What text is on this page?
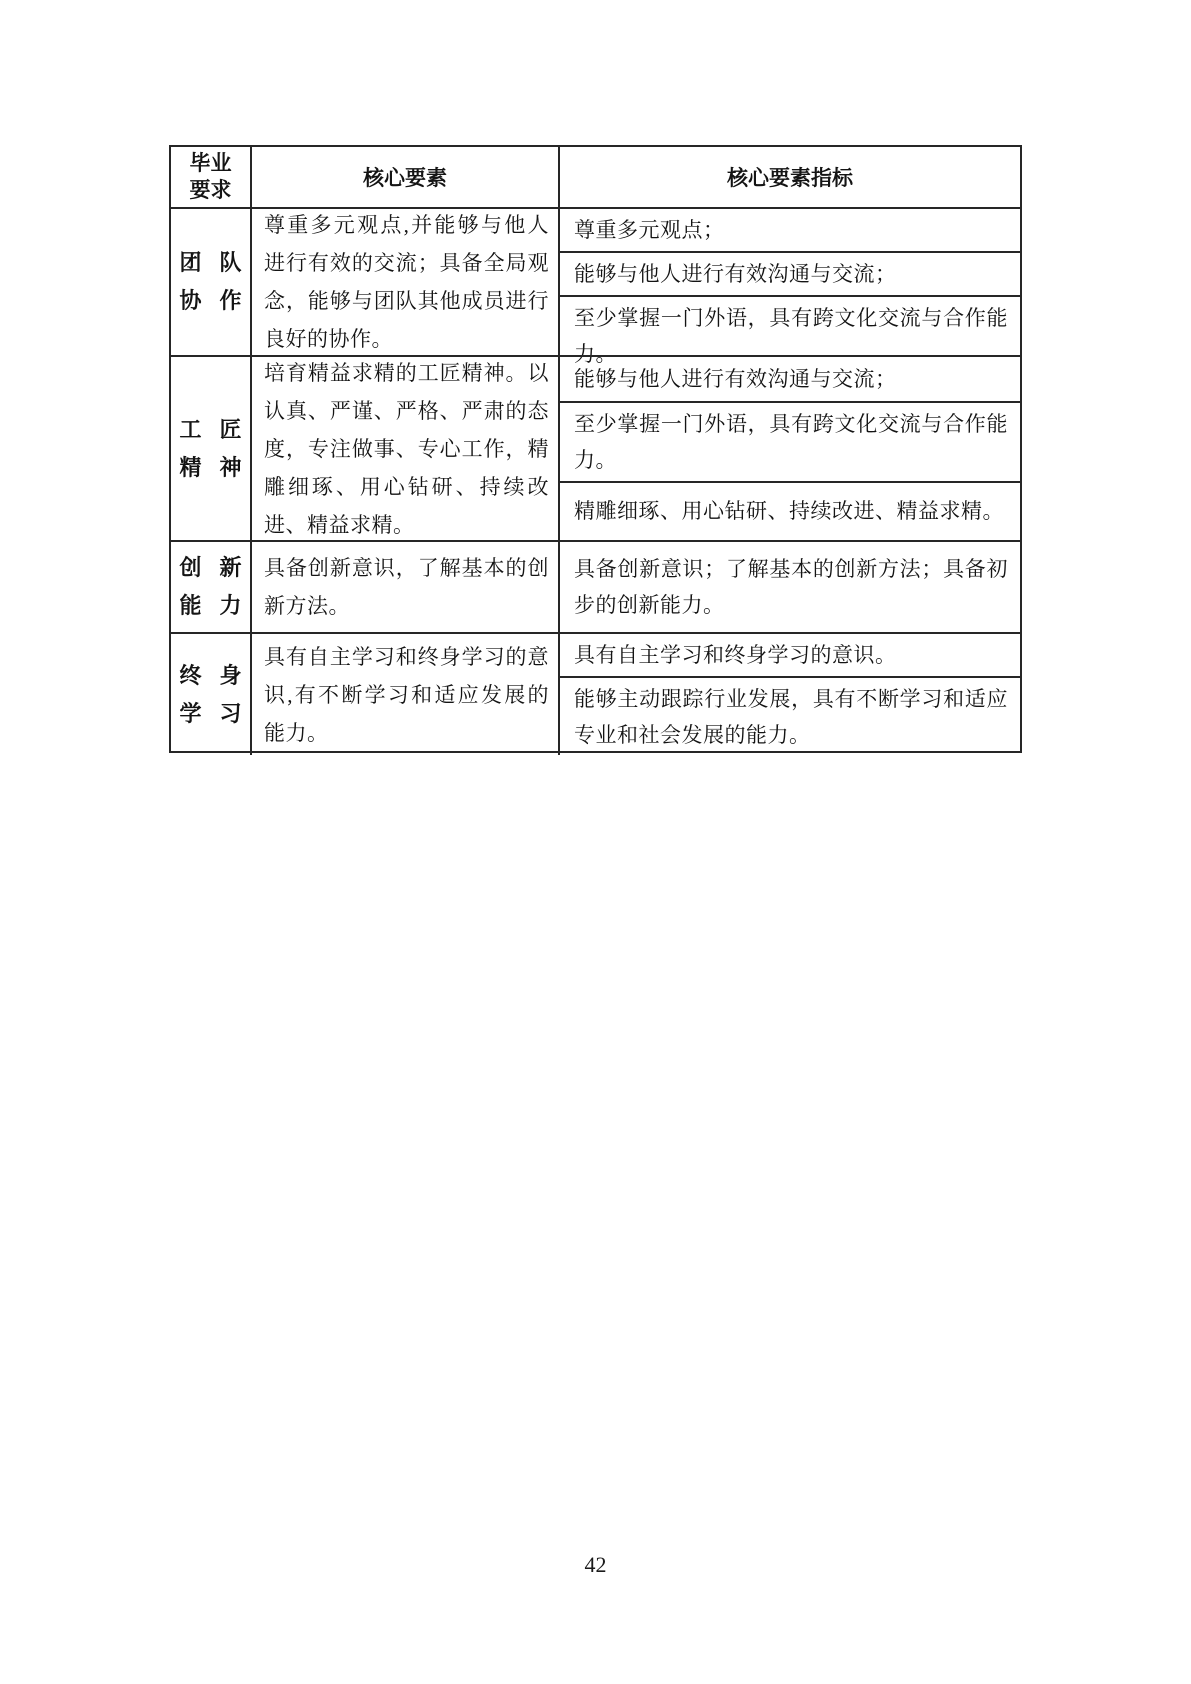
毕业
要求
核心要素	核心要素指标
团 队
协 作
尊重多元观点,并能够与他人进行有效的交流；具备全局观念，能够与团队其他成员进行良好的协作。
尊重多元观点；
能够与他人进行有效沟通与交流；
至少掌握一门外语，具有跨文化交流与合作能力。
工 匠
精 神
培育精益求精的工匠精神。以认真、严谨、严格、严肃的态度，专注做事、专心工作，精雕细琢、用心钻研、持续改进、精益求精。
能够与他人进行有效沟通与交流；
至少掌握一门外语，具有跨文化交流与合作能力。
精雕细琢、用心钻研、持续改进、精益求精。
创 新
能 力
具备创新意识，了解基本的创新方法。
具备创新意识；了解基本的创新方法；具备初步的创新能力。
终 身
学 习
具有自主学习和终身学习的意识,有不断学习和适应发展的能力。
具有自主学习和终身学习的意识。
能够主动跟踪行业发展，具有不断学习和适应专业和社会发展的能力。
42
